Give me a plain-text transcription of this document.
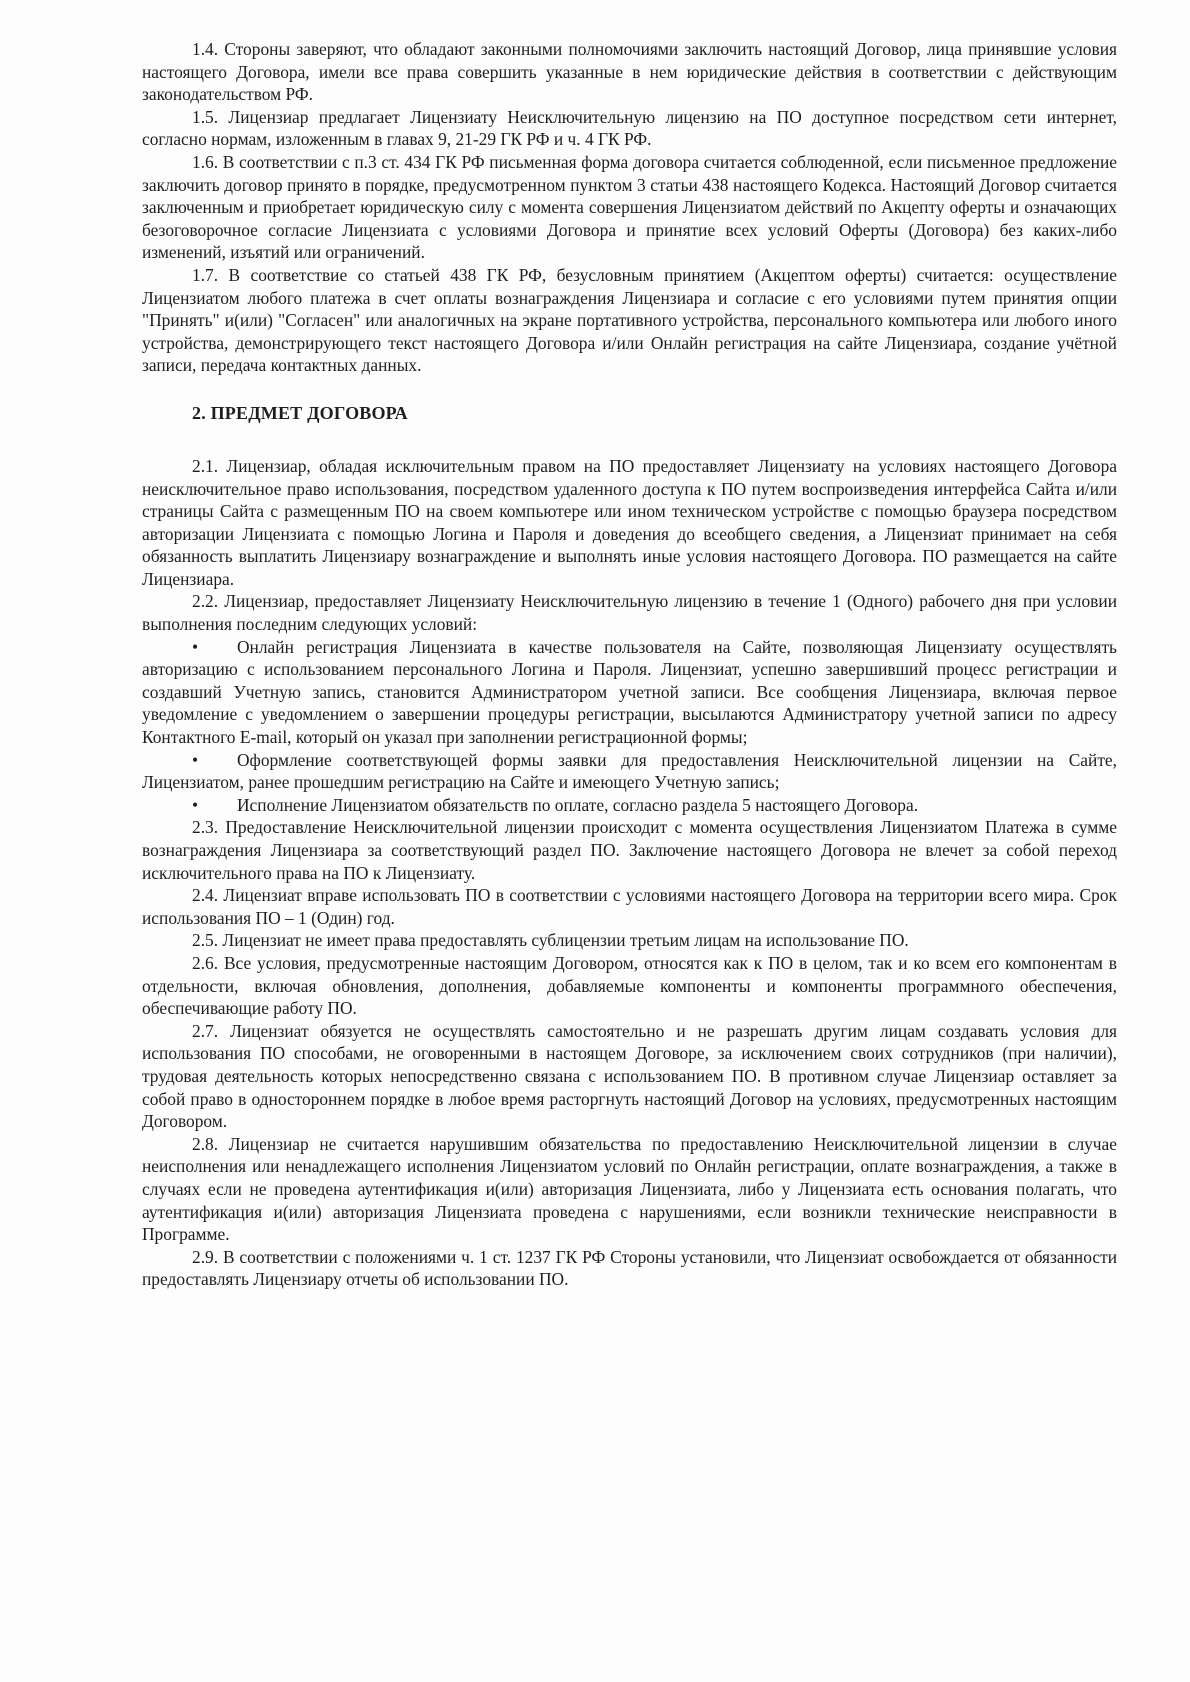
1.4. Стороны заверяют, что обладают законными полномочиями заключить настоящий Договор, лица принявшие условия настоящего Договора, имели все права совершить указанные в нем юридические действия в соответствии с действующим законодательством РФ.

1.5. Лицензиар предлагает Лицензиату Неисключительную лицензию на ПО доступное посредством сети интернет, согласно нормам, изложенным в главах 9, 21-29 ГК РФ и ч. 4 ГК РФ.

1.6. В соответствии с п.3 ст. 434 ГК РФ письменная форма договора считается соблюденной, если письменное предложение заключить договор принято в порядке, предусмотренном пунктом 3 статьи 438 настоящего Кодекса. Настоящий Договор считается заключенным и приобретает юридическую силу с момента совершения Лицензиатом действий по Акцепту оферты и означающих безоговорочное согласие Лицензиата с условиями Договора и принятие всех условий Оферты (Договора) без каких-либо изменений, изъятий или ограничений.

1.7. В соответствие со статьей 438 ГК РФ, безусловным принятием (Акцептом оферты) считается: осуществление Лицензиатом любого платежа в счет оплаты вознаграждения Лицензиара и согласие с его условиями путем принятия опции "Принять" и(или) "Согласен" или аналогичных на экране портативного устройства, персонального компьютера или любого иного устройства, демонстрирующего текст настоящего Договора и/или Онлайн регистрация на сайте Лицензиара, создание учётной записи, передача контактных данных.

2. ПРЕДМЕТ ДОГОВОРА

2.1. Лицензиар, обладая исключительным правом на ПО предоставляет Лицензиату на условиях настоящего Договора неисключительное право использования, посредством удаленного доступа к ПО путем воспроизведения интерфейса Сайта и/или страницы Сайта с размещенным ПО на своем компьютере или ином техническом устройстве с помощью браузера посредством авторизации Лицензиата с помощью Логина и Пароля и доведения до всеобщего сведения, а Лицензиат принимает на себя обязанность выплатить Лицензиару вознаграждение и выполнять иные условия настоящего Договора. ПО размещается на сайте Лицензиара.

2.2. Лицензиар, предоставляет Лицензиату Неисключительную лицензию в течение 1 (Одного) рабочего дня при условии выполнения последним следующих условий:

• Онлайн регистрация Лицензиата в качестве пользователя на Сайте, позволяющая Лицензиату осуществлять авторизацию с использованием персонального Логина и Пароля. Лицензиат, успешно завершивший процесс регистрации и создавший Учетную запись, становится Администратором учетной записи. Все сообщения Лицензиара, включая первое уведомление с уведомлением о завершении процедуры регистрации, высылаются Администратору учетной записи по адресу Контактного E-mail, который он указал при заполнении регистрационной формы;

• Оформление соответствующей формы заявки для предоставления Неисключительной лицензии на Сайте, Лицензиатом, ранее прошедшим регистрацию на Сайте и имеющего Учетную запись;

• Исполнение Лицензиатом обязательств по оплате, согласно раздела 5 настоящего Договора.

2.3. Предоставление Неисключительной лицензии происходит с момента осуществления Лицензиатом Платежа в сумме вознаграждения Лицензиара за соответствующий раздел ПО. Заключение настоящего Договора не влечет за собой переход исключительного права на ПО к Лицензиату.

2.4. Лицензиат вправе использовать ПО в соответствии с условиями настоящего Договора на территории всего мира. Срок использования ПО – 1 (Один) год.

2.5. Лицензиат не имеет права предоставлять сублицензии третьим лицам на использование ПО.

2.6. Все условия, предусмотренные настоящим Договором, относятся как к ПО в целом, так и ко всем его компонентам в отдельности, включая обновления, дополнения, добавляемые компоненты и компоненты программного обеспечения, обеспечивающие работу ПО.

2.7. Лицензиат обязуется не осуществлять самостоятельно и не разрешать другим лицам создавать условия для использования ПО способами, не оговоренными в настоящем Договоре, за исключением своих сотрудников (при наличии), трудовая деятельность которых непосредственно связана с использованием ПО. В противном случае Лицензиар оставляет за собой право в одностороннем порядке в любое время расторгнуть настоящий Договор на условиях, предусмотренных настоящим Договором.

2.8. Лицензиар не считается нарушившим обязательства по предоставлению Неисключительной лицензии в случае неисполнения или ненадлежащего исполнения Лицензиатом условий по Онлайн регистрации, оплате вознаграждения, а также в случаях если не проведена аутентификация и(или) авторизация Лицензиата, либо у Лицензиата есть основания полагать, что аутентификация и(или) авторизация Лицензиата проведена с нарушениями, если возникли технические неисправности в Программе.

2.9. В соответствии с положениями ч. 1 ст. 1237 ГК РФ Стороны установили, что Лицензиат освобождается от обязанности предоставлять Лицензиару отчеты об использовании ПО.
